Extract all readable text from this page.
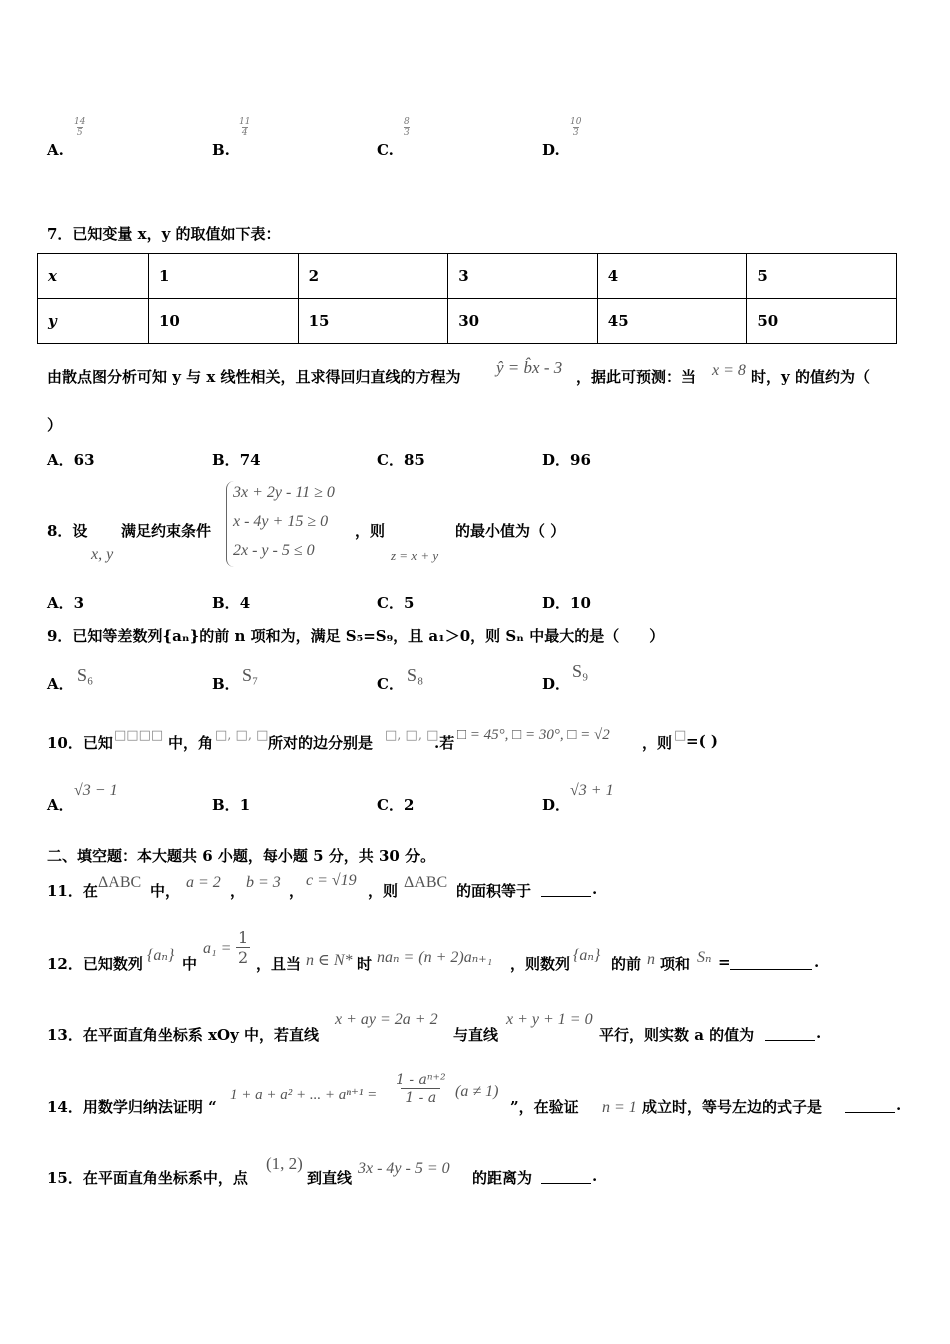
A.
$\frac{14}{5}$
B.
$\frac{11}{4}$
C.
$\frac{8}{3}$
D.
$\frac{10}{3}$
7．已知变量 x，y 的取值如下表：
x	1	2	3	4	5
y	10	15	30	45	50
由散点图分析可知 y 与 x 线性相关，且求得回归直线的方程为 ŷ = b̂x - 3 ，据此可预测：当 x = 8 时，y 的值约为（
）
A．63	B．74	C．85	D．96
8．设
x, y
满足约束条件
3x + 2y - 11 ≥ 0
x - 4y + 15 ≥ 0
2x - y - 5 ≤ 0
，则
z = x + y
的最小值为（ ）
A．3	B．4	C．5	D．10
9．已知等差数列{aₙ}的前 n 项和为，满足 S₅=S₉，且 a₁＞0，则 Sₙ 中最大的是（　　）
A． S₆	B． S₇	C． S₈	D．
S₉
10．已知 □□□□ 中，角 □, □, □ 所对的边分别是 □, □, □
.若 □ = 45°, □ = 30°, □ = √2 ，则 □ =( )
A．
√3 − 1
B．1	C．2	D．
√3 + 1
二、填空题：本大题共 6 小题，每小题 5 分，共 30 分。
11．在 ΔABC 中， a = 2 ， b = 3 ，
c = √19
，则 ΔABC 的面积等于	.
12．已知数列 {aₙ} 中
$a_1 = \frac{1}{2}$ ，且当 n ∈ N* 时 naₙ = (n + 2)aₙ₊₁ ，则数列 {aₙ} 的前 n 项和 Sₙ =	.
13．在平面直角坐标系 xOy 中，若直线
x + ay = 2a + 2
与直线
x + y + 1 = 0
平行，则实数 a 的值为	.
14．用数学归纳法证明 “
1 + a + a² + ... + $a^{n+1} = \frac{\text{1 - aⁿ⁺²}}{1 - a} (a \ne 1)$
”，在验证 n = 1 成立时，等号左边的式子是	.
15．在平面直角坐标系中，点
(1, 2)
到直线
3x - 4y - 5 = 0
的距离为	.
